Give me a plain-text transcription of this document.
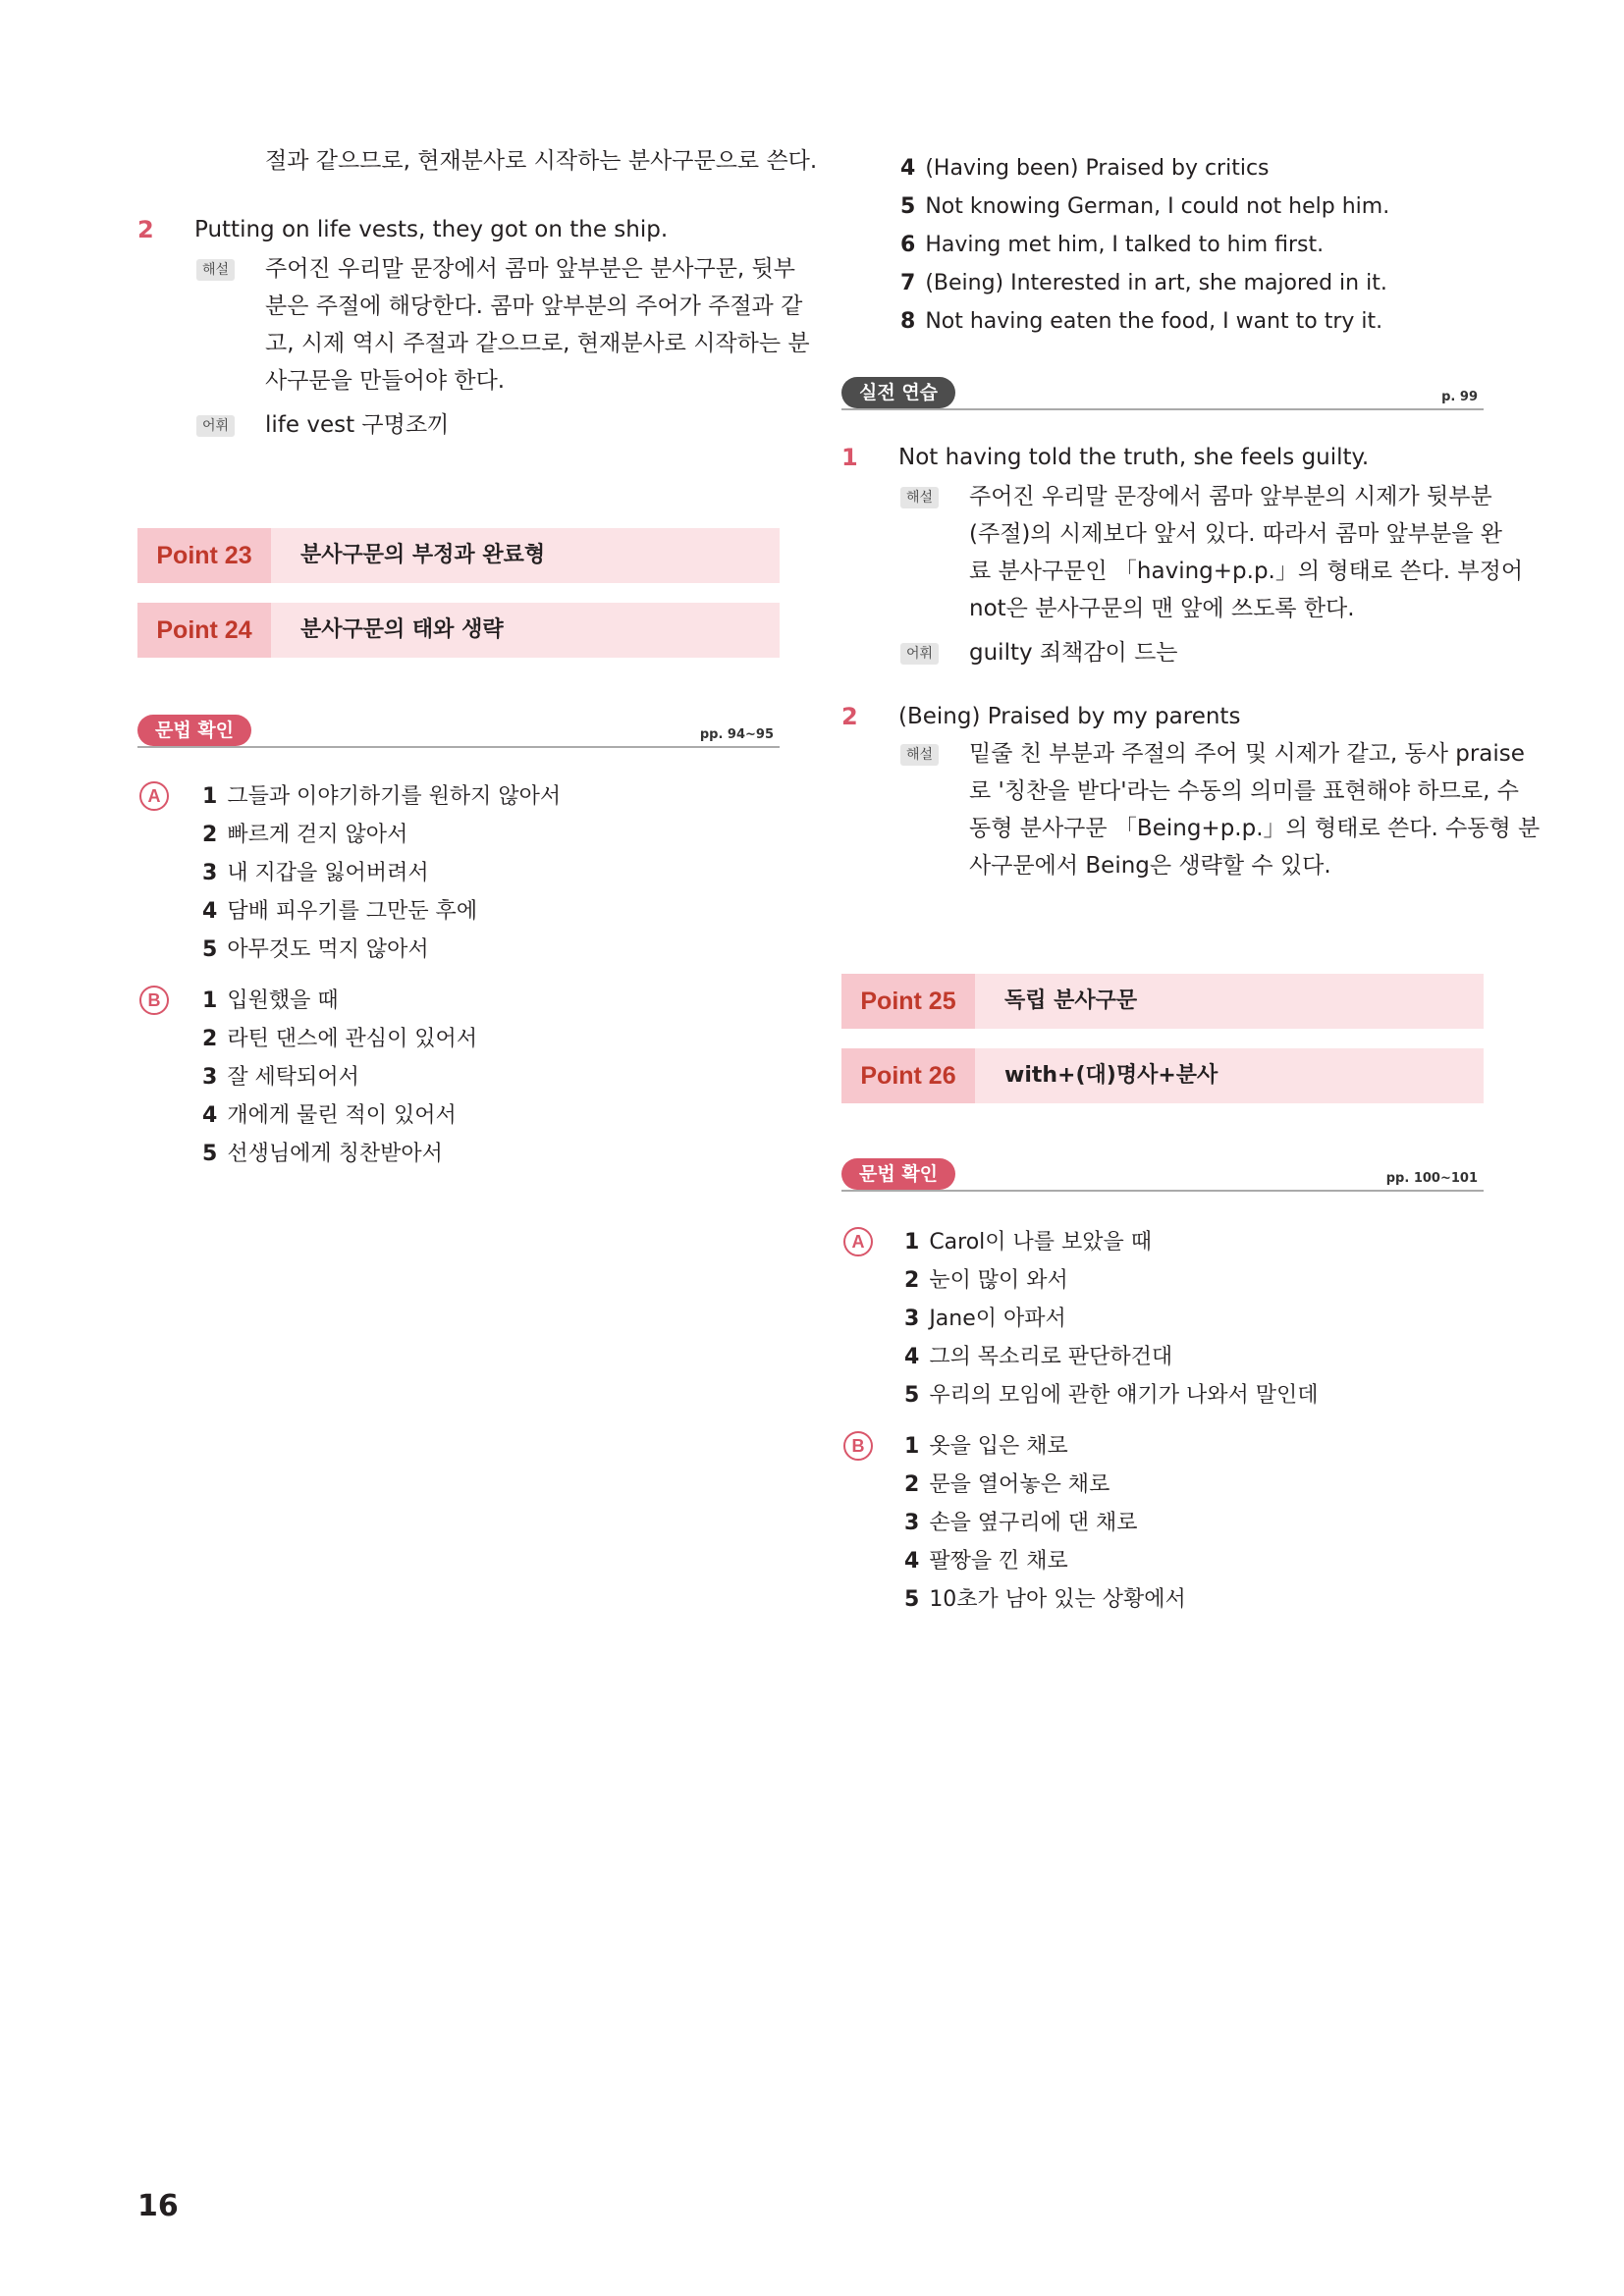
절과 같으므로, 현재분사로 시작하는 분사구문으로 쓴다.
2 Putting on life vests, they got on the ship.
해설 주어진 우리말 문장에서 콤마 앞부분은 분사구문, 뒷부
분은 주절에 해당한다. 콤마 앞부분의 주어가 주절과 같
고, 시제 역시 주절과 같으므로, 현재분사로 시작하는 분
사구문을 만들어야 한다.
어휘 life vest 구명조끼
Point 23	분사구문의 부정과 완료형
Point 24	분사구문의 태와 생략
문법 확인	pp. 94~95
A	1 그들과 이야기하기를 원하지 않아서
2 빠르게 걷지 않아서
3 내 지갑을 잃어버려서
4 담배 피우기를 그만둔 후에
5 아무것도 먹지 않아서
B	1 입원했을 때
2 라틴 댄스에 관심이 있어서
3 잘 세탁되어서
4 개에게 물린 적이 있어서
5 선생님에게 칭찬받아서
4 (Having been) Praised by critics
5 Not knowing German, I could not help him.
6 Having met him, I talked to him first.
7 (Being) Interested in art, she majored in it.
8 Not having eaten the food, I want to try it.
실전 연습	p. 99
1 Not having told the truth, she feels guilty.
해설 주어진 우리말 문장에서 콤마 앞부분의 시제가 뒷부분
(주절)의 시제보다 앞서 있다. 따라서 콤마 앞부분을 완
료 분사구문인 「having+p.p.」의 형태로 쓴다. 부정어
not은 분사구문의 맨 앞에 쓰도록 한다.
어휘 guilty 죄책감이 드는
2 (Being) Praised by my parents
해설 밑줄 친 부분과 주절의 주어 및 시제가 같고, 동사 praise
로 '칭찬을 받다'라는 수동의 의미를 표현해야 하므로, 수
동형 분사구문 「Being+p.p.」의 형태로 쓴다. 수동형 분
사구문에서 Being은 생략할 수 있다.
Point 25	독립 분사구문
Point 26	with+(대)명사+분사
문법 확인	pp. 100~101
A	1 Carol이 나를 보았을 때
2 눈이 많이 와서
3 Jane이 아파서
4 그의 목소리로 판단하건대
5 우리의 모임에 관한 얘기가 나와서 말인데
B	1 옷을 입은 채로
2 문을 열어놓은 채로
3 손을 옆구리에 댄 채로
4 팔짱을 낀 채로
5 10초가 남아 있는 상황에서
16
